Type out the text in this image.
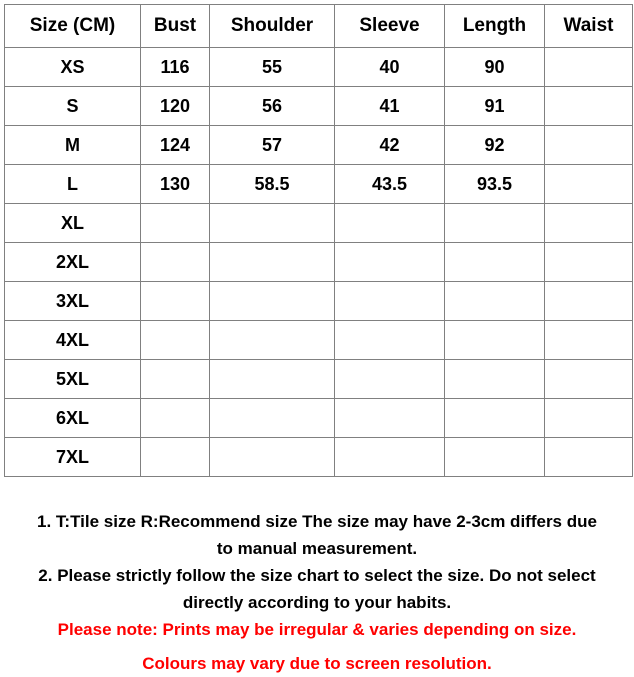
Size (CM)	Bust	Shoulder	Sleeve	Length	Waist
XS	116	55	40	90	
S	120	56	41	91	
M	124	57	42	92	
L	130	58.5	43.5	93.5	
XL					
2XL					
3XL					
4XL					
5XL					
6XL					
7XL					

1. T:Tile size R:Recommend size The size may have 2-3cm differs due

to manual measurement.

2. Please strictly follow the size chart to select the size. Do not select

directly according to your habits.

Please note: Prints may be irregular & varies depending on size.

Colours may vary due to screen resolution.
